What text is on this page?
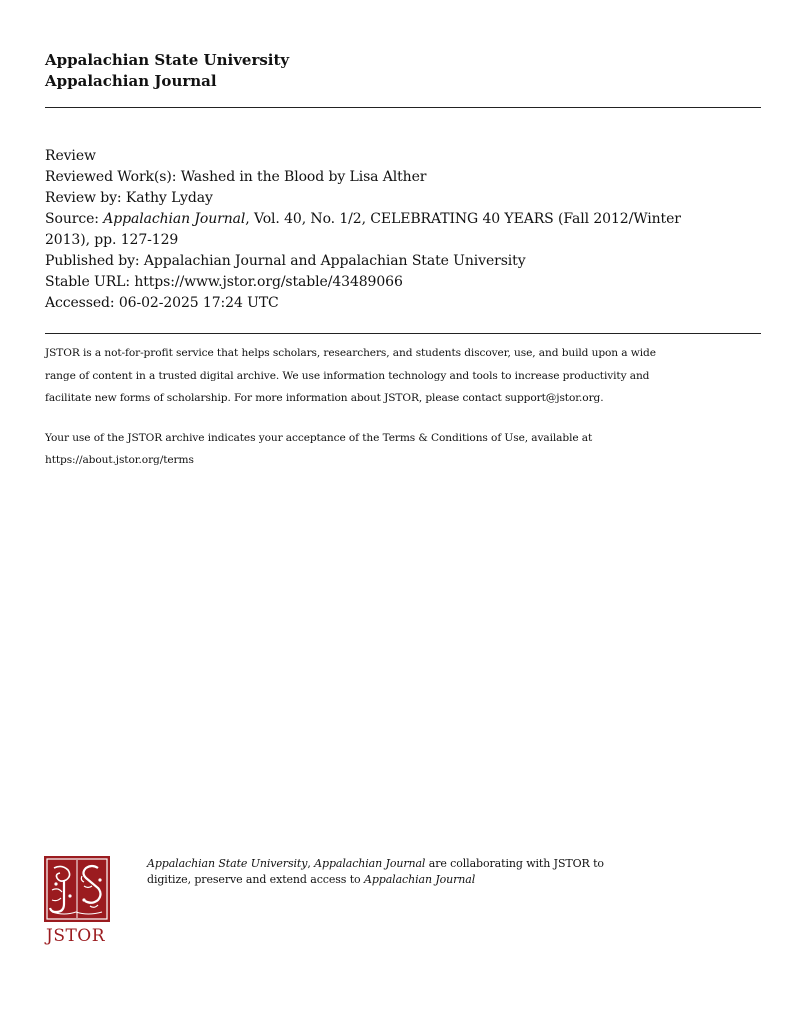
Appalachian State University
Appalachian Journal
Review
Reviewed Work(s): Washed in the Blood by Lisa Alther
Review by: Kathy Lyday
Source: Appalachian Journal, Vol. 40, No. 1/2, CELEBRATING 40 YEARS (Fall 2012/Winter
2013), pp. 127-129
Published by: Appalachian Journal and Appalachian State University
Stable URL: https://www.jstor.org/stable/43489066
Accessed: 06-02-2025 17:24 UTC
JSTOR is a not-for-profit service that helps scholars, researchers, and students discover, use, and build upon a wide
range of content in a trusted digital archive. We use information technology and tools to increase productivity and
facilitate new forms of scholarship. For more information about JSTOR, please contact support@jstor.org.
Your use of the JSTOR archive indicates your acceptance of the Terms & Conditions of Use, available at
https://about.jstor.org/terms
JSTOR
Appalachian State University, Appalachian Journal are collaborating with JSTOR to
digitize, preserve and extend access to Appalachian Journal
